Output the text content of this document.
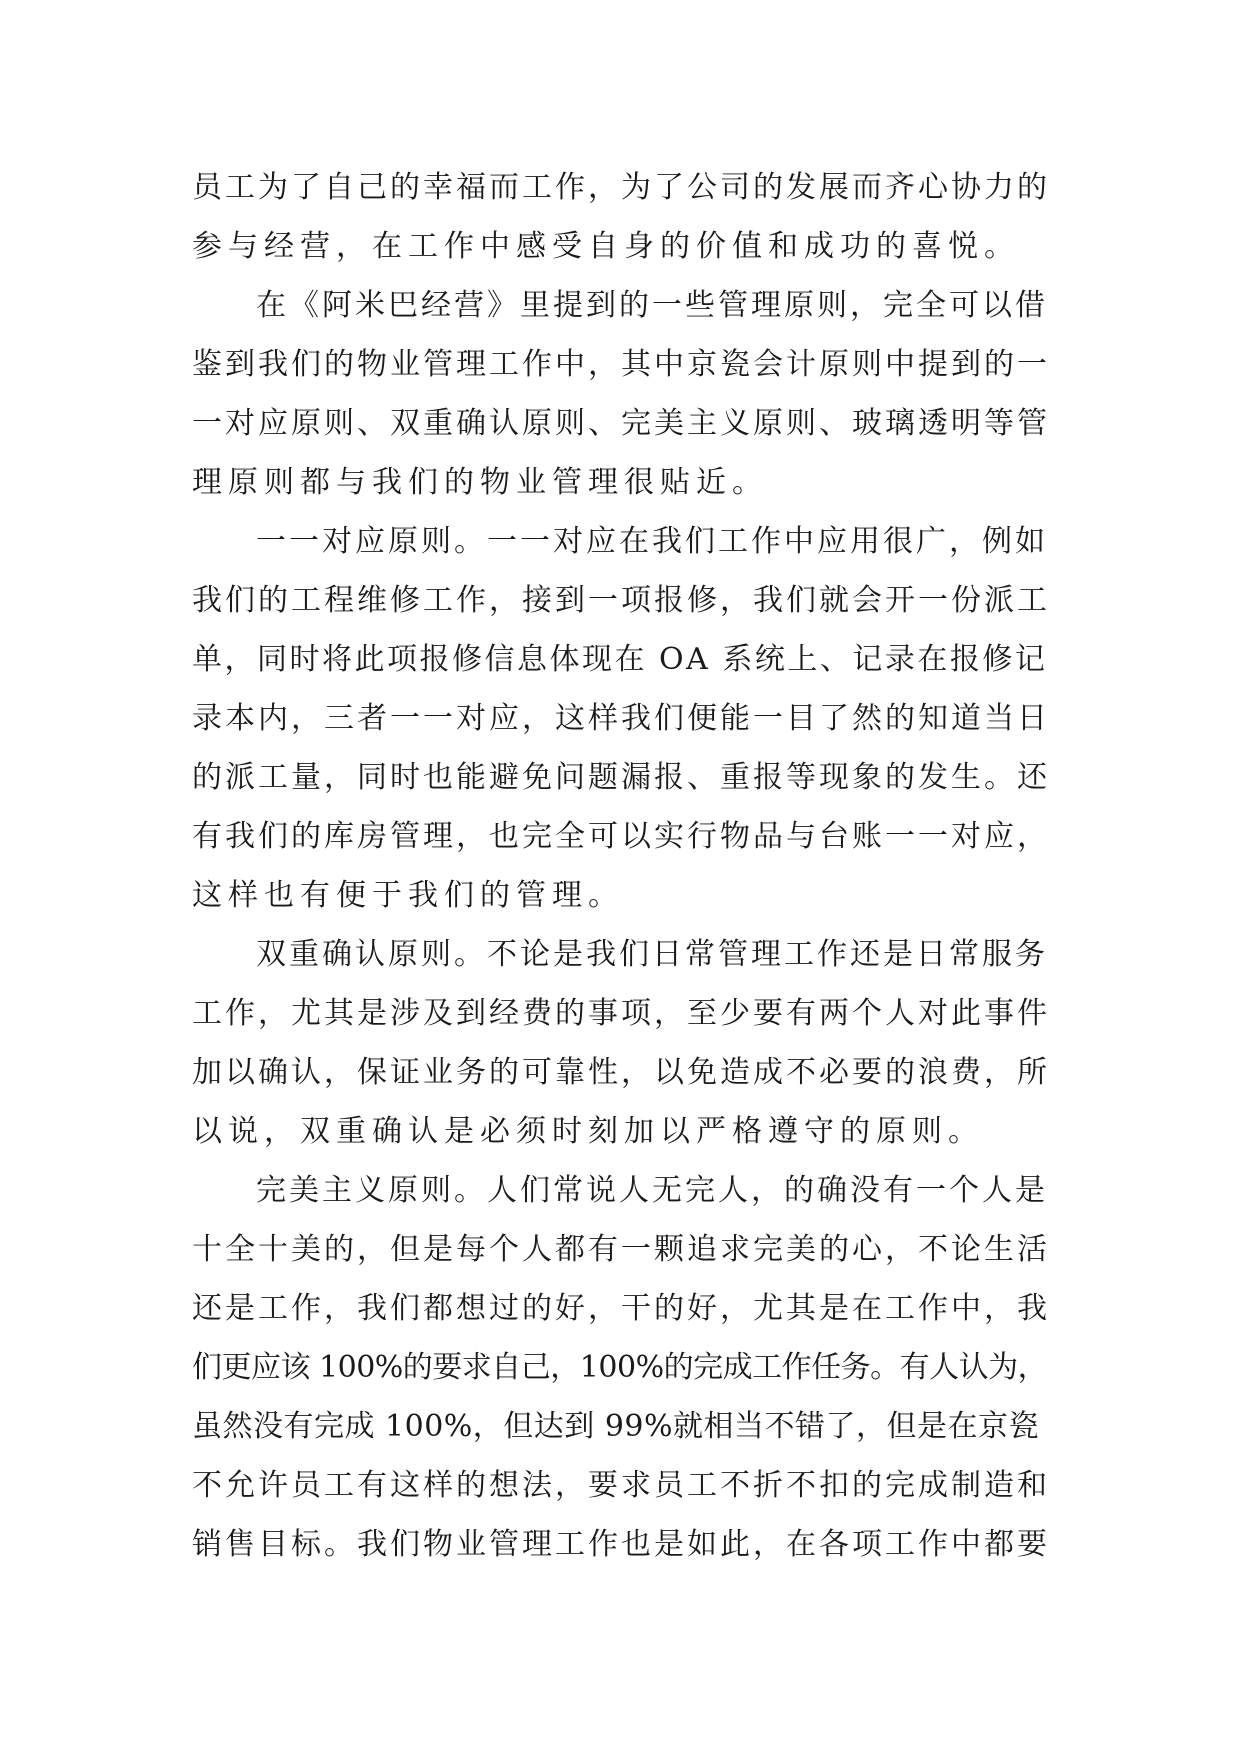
员工为了自己的幸福而工作，为了公司的发展而齐心协力的
参与经营，在工作中感受自身的价值和成功的喜悦。
在《阿米巴经营》里提到的一些管理原则，完全可以借
鉴到我们的物业管理工作中，其中京瓷会计原则中提到的一
一对应原则、双重确认原则、完美主义原则、玻璃透明等管
理原则都与我们的物业管理很贴近。
一一对应原则。一一对应在我们工作中应用很广，例如
我们的工程维修工作，接到一项报修，我们就会开一份派工
单，同时将此项报修信息体现在 OA 系统上、记录在报修记
录本内，三者一一对应，这样我们便能一目了然的知道当日
的派工量，同时也能避免问题漏报、重报等现象的发生。还
有我们的库房管理，也完全可以实行物品与台账一一对应，
这样也有便于我们的管理。
双重确认原则。不论是我们日常管理工作还是日常服务
工作，尤其是涉及到经费的事项，至少要有两个人对此事件
加以确认，保证业务的可靠性，以免造成不必要的浪费，所
以说，双重确认是必须时刻加以严格遵守的原则。
完美主义原则。人们常说人无完人，的确没有一个人是
十全十美的，但是每个人都有一颗追求完美的心，不论生活
还是工作，我们都想过的好，干的好，尤其是在工作中，我
们更应该 100%的要求自己，100%的完成工作任务。有人认为，
虽然没有完成 100%，但达到 99%就相当不错了，但是在京瓷
不允许员工有这样的想法，要求员工不折不扣的完成制造和
销售目标。我们物业管理工作也是如此，在各项工作中都要
